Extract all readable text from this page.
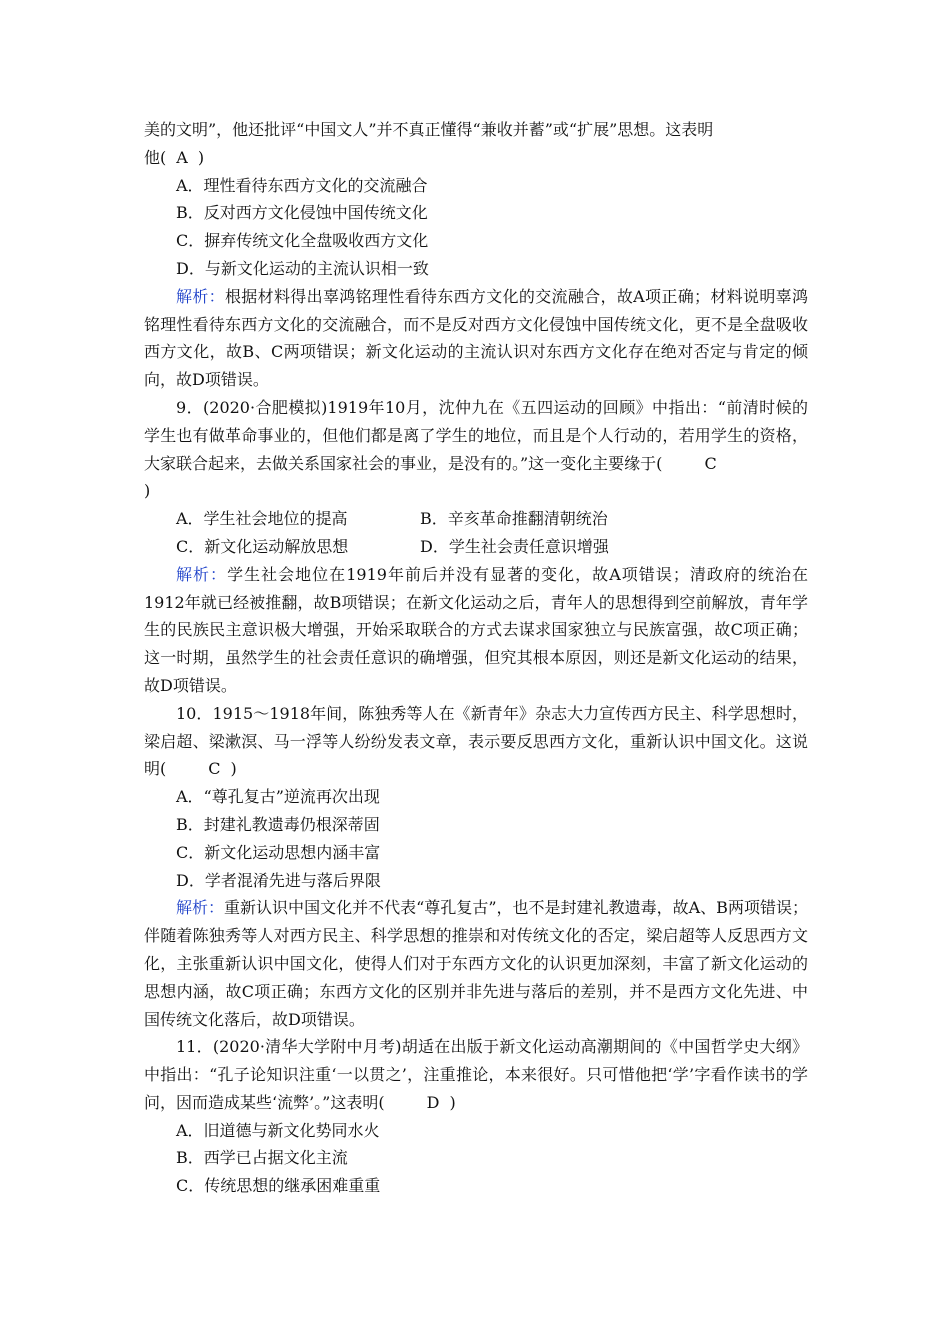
美的文明”，他还批评“中国文人”并不真正懂得“兼收并蓄”或“扩展”思想。这表明
他( A )

A．理性看待东西方文化的交流融合

B．反对西方文化侵蚀中国传统文化

C．摒弃传统文化全盘吸收西方文化

D．与新文化运动的主流认识相一致

解析：根据材料得出辜鸿铭理性看待东西方文化的交流融合，故A项正确；材料说明辜鸿铭理性看待东西方文化的交流融合，而不是反对西方文化侵蚀中国传统文化，更不是全盘吸收西方文化，故B、C两项错误；新文化运动的主流认识对东西方文化存在绝对否定与肯定的倾向，故D项错误。

9．(2020·合肥模拟)1919年10月，沈仲九在《五四运动的回顾》中指出：“前清时候的学生也有做革命事业的，但他们都是离了学生的地位，而且是个人行动的，若用学生的资格，大家联合起来，去做关系国家社会的事业，是没有的。”这一变化主要缘于(	C
)

A．学生社会地位的提高	B．辛亥革命推翻清朝统治
C．新文化运动解放思想	D．学生社会责任意识增强

解析：学生社会地位在1919年前后并没有显著的变化，故A项错误；清政府的统治在1912年就已经被推翻，故B项错误；在新文化运动之后，青年人的思想得到空前解放，青年学生的民族民主意识极大增强，开始采取联合的方式去谋求国家独立与民族富强，故C项正确；这一时期，虽然学生的社会责任意识的确增强，但究其根本原因，则还是新文化运动的结果，故D项错误。

10．1915～1918年间，陈独秀等人在《新青年》杂志大力宣传西方民主、科学思想时，梁启超、梁漱溟、马一浮等人纷纷发表文章，表示要反思西方文化，重新认识中国文化。这说明(	C )

A．“尊孔复古”逆流再次出现

B．封建礼教遗毒仍根深蒂固

C．新文化运动思想内涵丰富

D．学者混淆先进与落后界限

解析：重新认识中国文化并不代表“尊孔复古”，也不是封建礼教遗毒，故A、B两项错误；伴随着陈独秀等人对西方民主、科学思想的推崇和对传统文化的否定，梁启超等人反思西方文化，主张重新认识中国文化，使得人们对于东西方文化的认识更加深刻，丰富了新文化运动的思想内涵，故C项正确；东西方文化的区别并非先进与落后的差别，并不是西方文化先进、中国传统文化落后，故D项错误。

11．(2020·清华大学附中月考)胡适在出版于新文化运动高潮期间的《中国哲学史大纲》中指出：“孔子论知识注重‘一以贯之’，注重推论，本来很好。只可惜他把‘学’字看作读书的学问，因而造成某些‘流弊’。”这表明(	D )

A．旧道德与新文化势同水火

B．西学已占据文化主流

C．传统思想的继承困难重重
